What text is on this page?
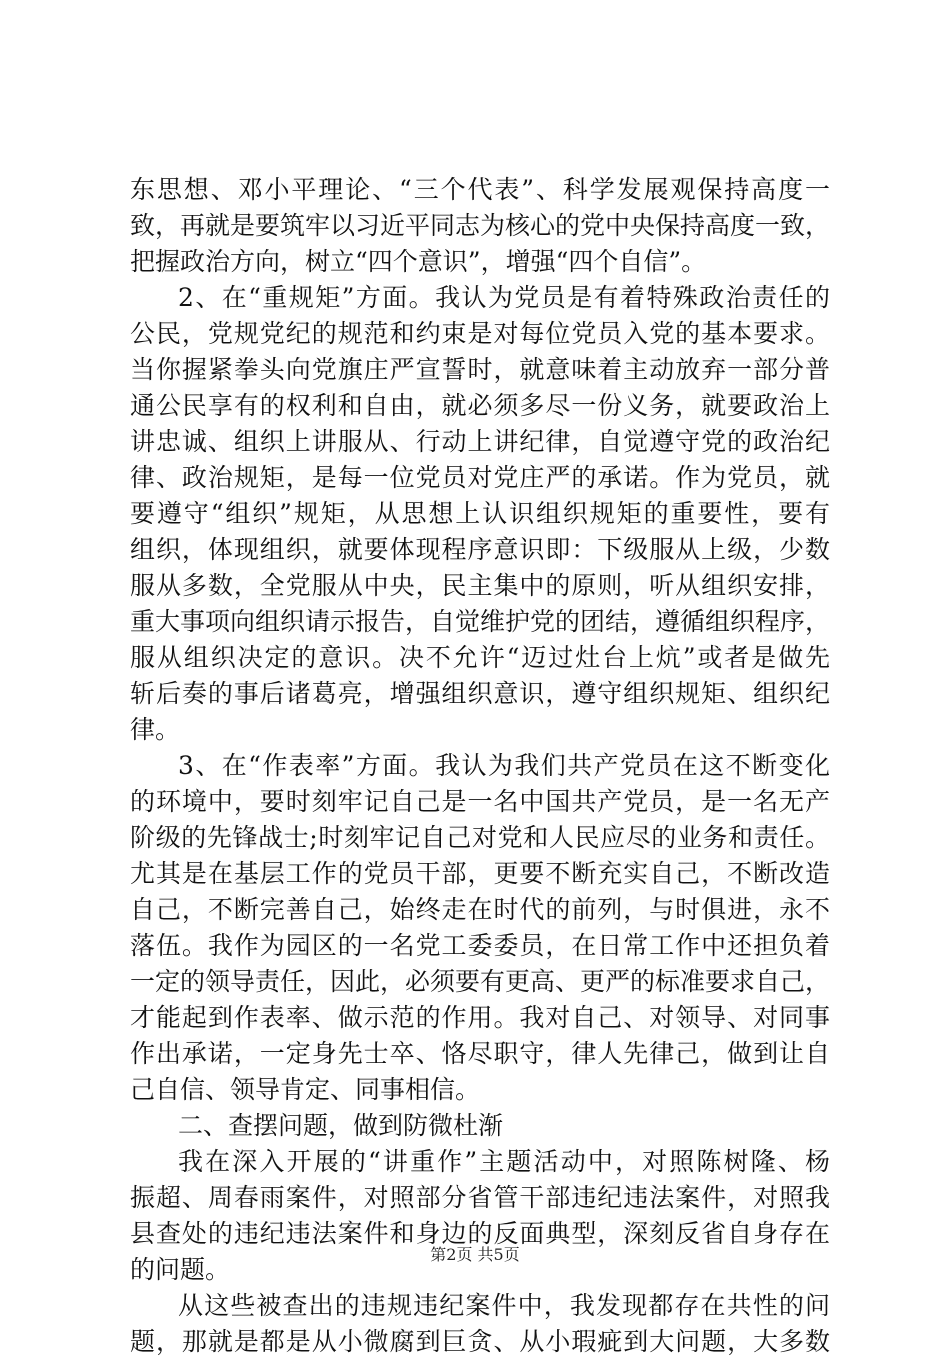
东思想、邓小平理论、“三个代表”、科学发展观保持高度一
致，再就是要筑牢以习近平同志为核心的党中央保持高度一致，
把握政治方向，树立“四个意识”，增强“四个自信”。
2、在“重规矩”方面。我认为党员是有着特殊政治责任的
公民，党规党纪的规范和约束是对每位党员入党的基本要求。
当你握紧拳头向党旗庄严宣誓时，就意味着主动放弃一部分普
通公民享有的权利和自由，就必须多尽一份义务，就要政治上
讲忠诚、组织上讲服从、行动上讲纪律，自觉遵守党的政治纪
律、政治规矩，是每一位党员对党庄严的承诺。作为党员，就
要遵守“组织”规矩，从思想上认识组织规矩的重要性，要有
组织，体现组织，就要体现程序意识即：下级服从上级，少数
服从多数，全党服从中央，民主集中的原则，听从组织安排，
重大事项向组织请示报告，自觉维护党的团结，遵循组织程序，
服从组织决定的意识。决不允许“迈过灶台上炕”或者是做先
斩后奏的事后诸葛亮，增强组织意识，遵守组织规矩、组织纪
律。
3、在“作表率”方面。我认为我们共产党员在这不断变化
的环境中，要时刻牢记自己是一名中国共产党员，是一名无产
阶级的先锋战士;时刻牢记自己对党和人民应尽的业务和责任。
尤其是在基层工作的党员干部，更要不断充实自己，不断改造
自己，不断完善自己，始终走在时代的前列，与时俱进，永不
落伍。我作为园区的一名党工委委员，在日常工作中还担负着
一定的领导责任，因此，必须要有更高、更严的标准要求自己，
才能起到作表率、做示范的作用。我对自己、对领导、对同事
作出承诺，一定身先士卒、恪尽职守，律人先律己，做到让自
己自信、领导肯定、同事相信。
二、查摆问题，做到防微杜渐
我在深入开展的“讲重作”主题活动中，对照陈树隆、杨
振超、周春雨案件，对照部分省管干部违纪违法案件，对照我
县查处的违纪违法案件和身边的反面典型，深刻反省自身存在
的问题。
从这些被查出的违规违纪案件中，我发现都存在共性的问
题，那就是都是从小微腐到巨贪、从小瑕疵到大问题，大多数
第2页 共5页
